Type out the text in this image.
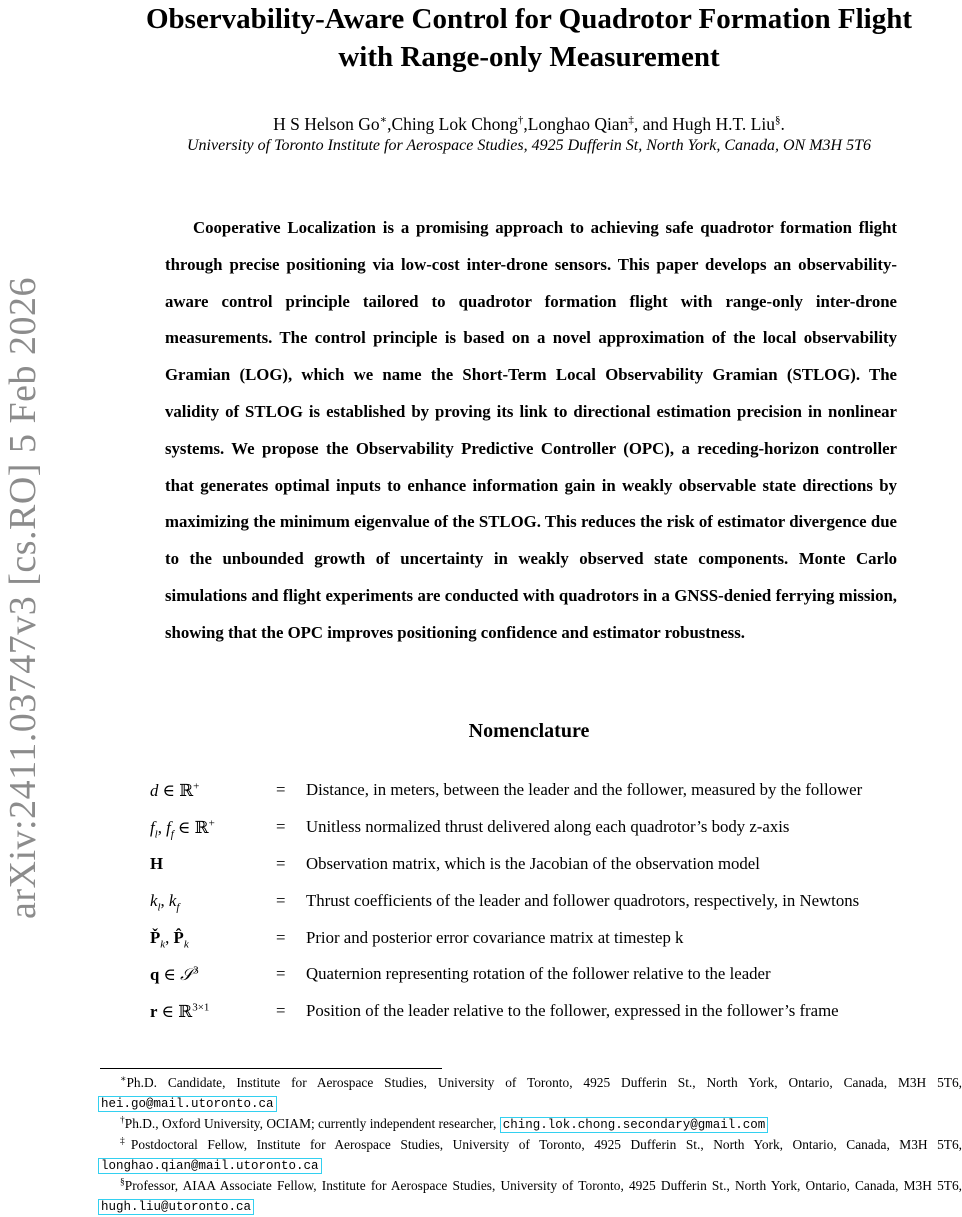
arXiv:2411.03747v3 [cs.RO] 5 Feb 2026
Observability-Aware Control for Quadrotor Formation Flight
with Range-only Measurement
H S Helson Go∗,Ching Lok Chong†,Longhao Qian‡, and Hugh H.T. Liu§.
University of Toronto Institute for Aerospace Studies, 4925 Dufferin St, North York, Canada, ON M3H 5T6

Cooperative Localization is a promising approach to achieving safe quadrotor formation flight through precise positioning via low-cost inter-drone sensors. This paper develops an observability-aware control principle tailored to quadrotor formation flight with range-only inter-drone measurements. The control principle is based on a novel approximation of the local observability Gramian (LOG), which we name the Short-Term Local Observability Gramian (STLOG). The validity of STLOG is established by proving its link to directional estimation precision in nonlinear systems. We propose the Observability Predictive Controller (OPC), a receding-horizon controller that generates optimal inputs to enhance information gain in weakly observable state directions by maximizing the minimum eigenvalue of the STLOG. This reduces the risk of estimator divergence due to the unbounded growth of uncertainty in weakly observed state components. Monte Carlo simulations and flight experiments are conducted with quadrotors in a GNSS-denied ferrying mission, showing that the OPC improves positioning confidence and estimator robustness.

Nomenclature
d ∈ ℝ+	=	Distance, in meters, between the leader and the follower, measured by the follower
$f_l$, $f_f$ ∈ ℝ+	=	Unitless normalized thrust delivered along each quadrotor’s body z-axis
H	=	Observation matrix, which is the Jacobian of the observation model
$k_l$, $k_f$	=	Thrust coefficients of the leader and follower quadrotors, respectively, in Newtons
$P̌_k$, $P̂_k$	=	Prior and posterior error covariance matrix at timestep k
q ∈ 𝒮$^3$	=	Quaternion representing rotation of the follower relative to the leader
r ∈ ℝ$^{3\times 1}$	=	Position of the leader relative to the follower, expressed in the follower’s frame

∗Ph.D. Candidate, Institute for Aerospace Studies, University of Toronto, 4925 Dufferin St., North York, Ontario, Canada, M3H 5T6, hei.go@mail.utoronto.ca

†Ph.D., Oxford University, OCIAM; currently independent researcher, ching.lok.chong.secondary@gmail.com

‡Postdoctoral Fellow, Institute for Aerospace Studies, University of Toronto, 4925 Dufferin St., North York, Ontario, Canada, M3H 5T6, longhao.qian@mail.utoronto.ca

§Professor, AIAA Associate Fellow, Institute for Aerospace Studies, University of Toronto, 4925 Dufferin St., North York, Ontario, Canada, M3H 5T6, hugh.liu@utoronto.ca
